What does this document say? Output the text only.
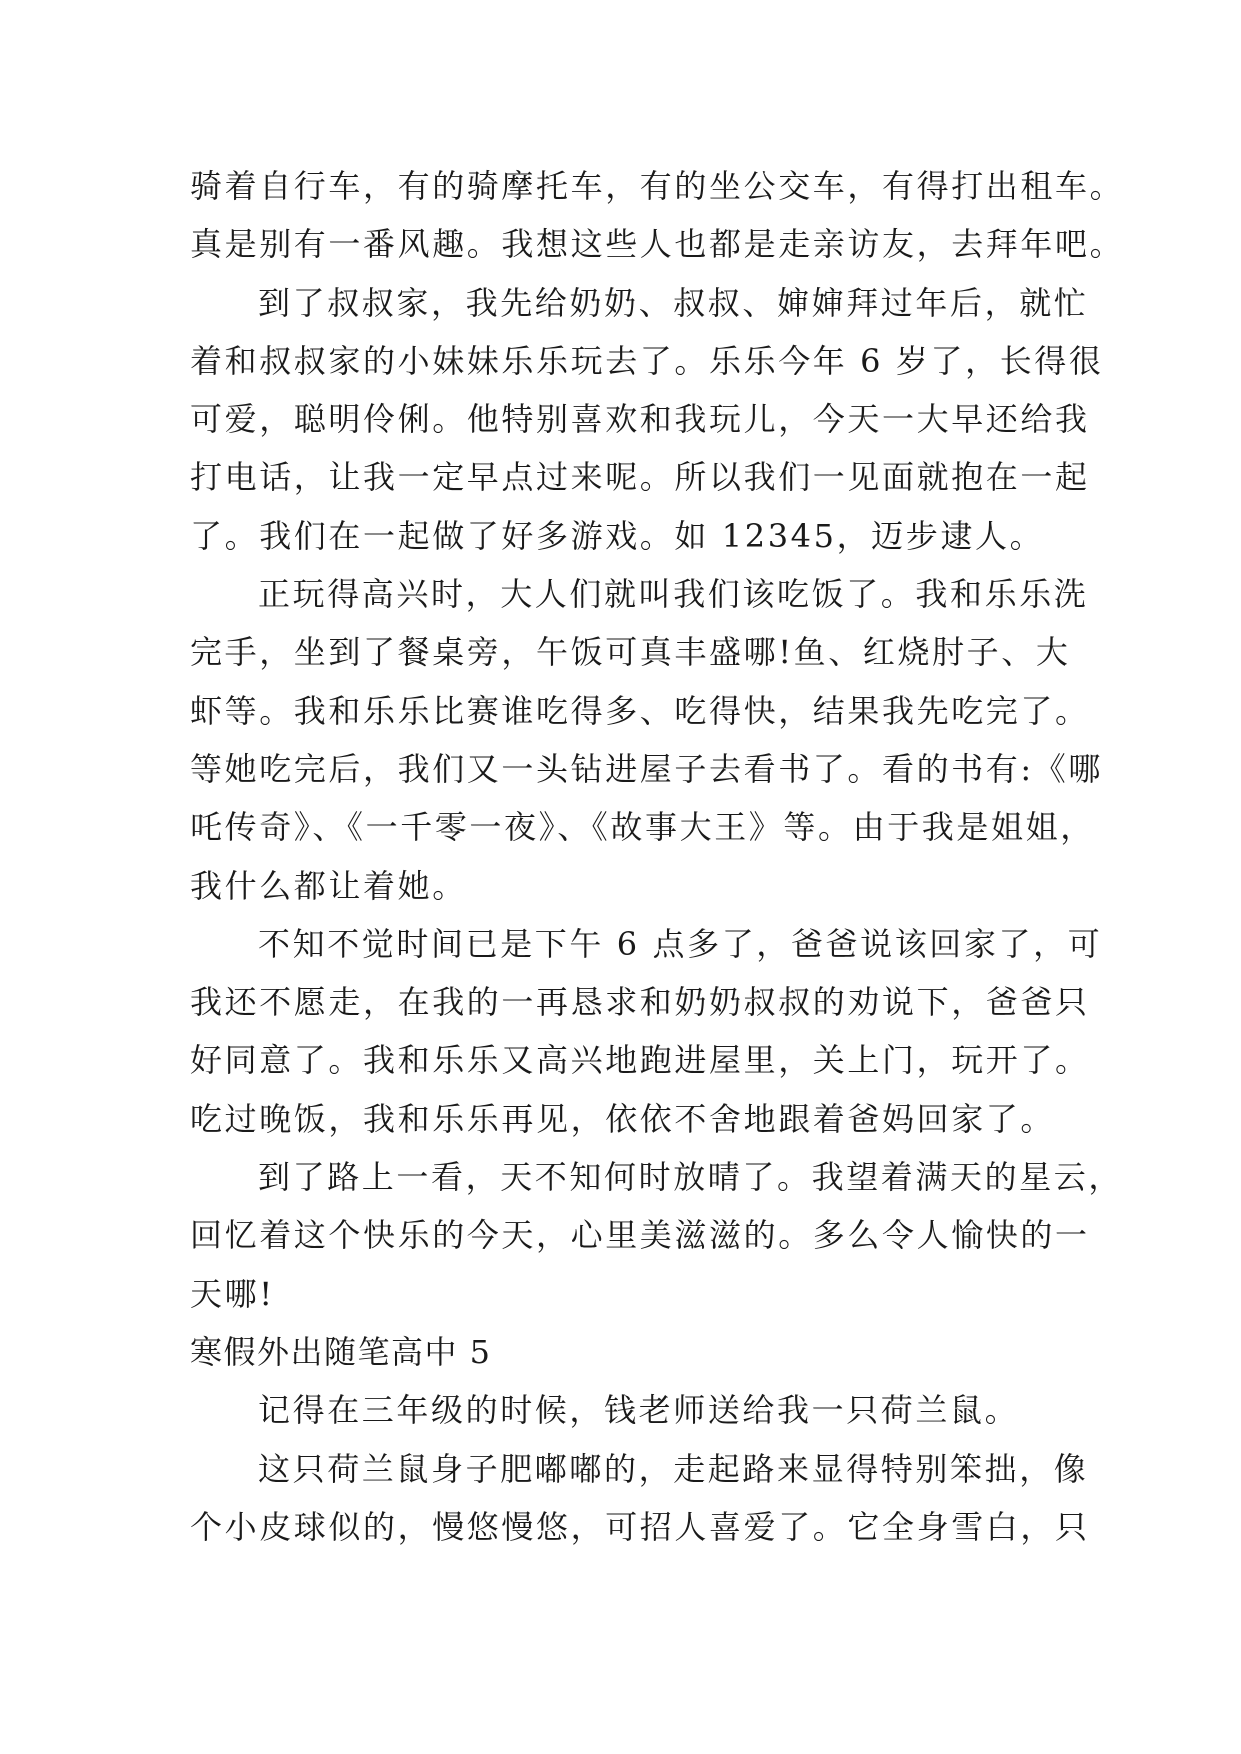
骑着自行车，有的骑摩托车，有的坐公交车，有得打出租车。
真是别有一番风趣。我想这些人也都是走亲访友，去拜年吧。
到了叔叔家，我先给奶奶、叔叔、婶婶拜过年后，就忙
着和叔叔家的小妹妹乐乐玩去了。乐乐今年 6 岁了，长得很
可爱，聪明伶俐。他特别喜欢和我玩儿，今天一大早还给我
打电话，让我一定早点过来呢。所以我们一见面就抱在一起
了。我们在一起做了好多游戏。如 12345，迈步逮人。
正玩得高兴时，大人们就叫我们该吃饭了。我和乐乐洗
完手，坐到了餐桌旁，午饭可真丰盛哪!鱼、红烧肘子、大
虾等。我和乐乐比赛谁吃得多、吃得快，结果我先吃完了。
等她吃完后，我们又一头钻进屋子去看书了。看的书有:《哪
吒传奇》、《一千零一夜》、《故事大王》等。由于我是姐姐，
我什么都让着她。
不知不觉时间已是下午 6 点多了，爸爸说该回家了，可
我还不愿走，在我的一再恳求和奶奶叔叔的劝说下，爸爸只
好同意了。我和乐乐又高兴地跑进屋里，关上门，玩开了。
吃过晚饭，我和乐乐再见，依依不舍地跟着爸妈回家了。
到了路上一看，天不知何时放晴了。我望着满天的星云，
回忆着这个快乐的今天，心里美滋滋的。多么令人愉快的一
天哪!
寒假外出随笔高中 5
记得在三年级的时候，钱老师送给我一只荷兰鼠。
这只荷兰鼠身子肥嘟嘟的，走起路来显得特别笨拙，像
个小皮球似的，慢悠慢悠，可招人喜爱了。它全身雪白，只
